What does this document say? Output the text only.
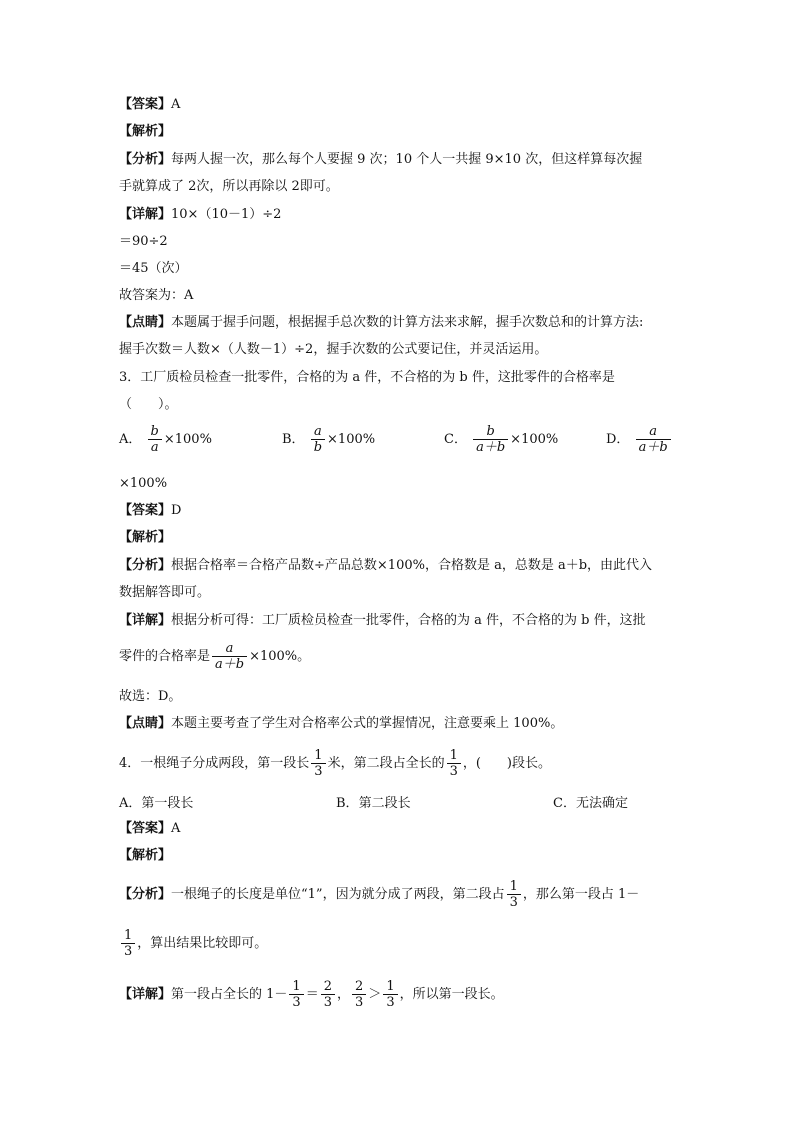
【答案】A
【解析】
【分析】每两人握一次，那么每个人要握 9 次；10 个人一共握 9×10 次，但这样算每次握
手就算成了 2次，所以再除以 2即可。
【详解】10×（10－1）÷2
＝90÷2
＝45（次）
故答案为：A
【点睛】本题属于握手问题，根据握手总次数的计算方法来求解，握手次数总和的计算方法:
握手次数＝人数×（人数－1）÷2，握手次数的公式要记住，并灵活运用。
3．工厂质检员检查一批零件，合格的为 a 件，不合格的为 b 件，这批零件的合格率是
（　　）。
A． $\frac{b}{a} \times 100\%$	B． $\frac{a}{b} \times 100\%$	C． $\frac{b}{a+b} \times 100\%$	D． $\frac{a}{a+b}$
×100%
【答案】D
【解析】
【分析】根据合格率＝合格产品数÷产品总数×100%，合格数是 a，总数是 a＋b，由此代入
数据解答即可。
【详解】根据分析可得：工厂质检员检查一批零件，合格的为 a 件，不合格的为 b 件，这批
零件的合格率是 $\frac{a}{a+b} \times 100\%$。
故选：D。
【点睛】本题主要考查了学生对合格率公式的掌握情况，注意要乘上 100%。
4．一根绳子分成两段，第一段长 $\frac{1}{3}$ 米，第二段占全长的 $\frac{1}{3}$ ，(　　)段长。
A．第一段长	B．第二段长	C．无法确定
【答案】A
【解析】
【分析】一根绳子的长度是单位“1”，因为就分成了两段，第二段占 $\frac{1}{3}$ ，那么第一段占 1－
$\frac{1}{3}$ ，算出结果比较即可。
【详解】第一段占全长的 $1- \frac{1}{3} = \frac{2}{3}$ ， $\frac{2}{3} > \frac{1}{3}$ ，所以第一段长。
